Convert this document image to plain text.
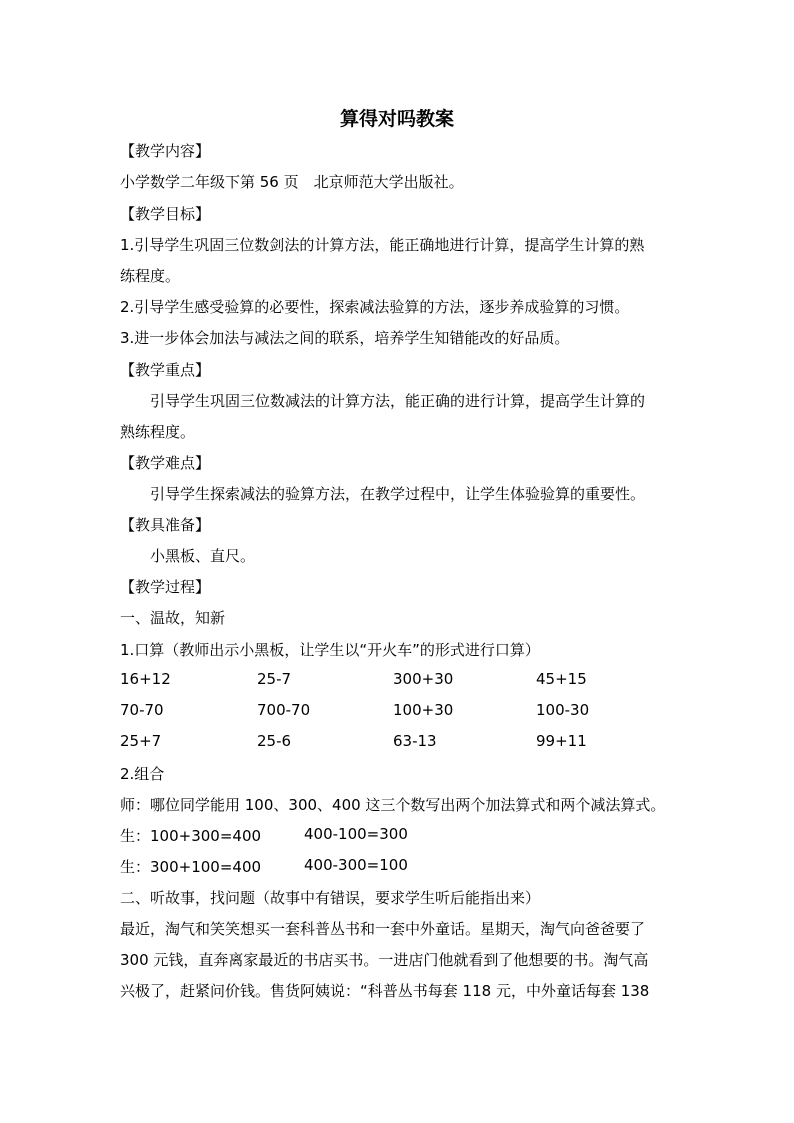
算得对吗教案
【教学内容】
小学数学二年级下第 56 页　北京师范大学出版社。
【教学目标】
1.引导学生巩固三位数剑法的计算方法，能正确地进行计算，提高学生计算的熟
练程度。
2.引导学生感受验算的必要性，探索减法验算的方法，逐步养成验算的习惯。
3.进一步体会加法与减法之间的联系，培养学生知错能改的好品质。
【教学重点】
引导学生巩固三位数减法的计算方法，能正确的进行计算，提高学生计算的
熟练程度。
【教学难点】
引导学生探索减法的验算方法，在教学过程中，让学生体验验算的重要性。
【教具准备】
小黑板、直尺。
【教学过程】
一、温故，知新
1.口算（教师出示小黑板，让学生以“开火车”的形式进行口算）
16+12	25-7	300+30	45+15
70-70	700-70	100+30	100-30
25+7	25-6	63-13	99+11
2.组合
师：哪位同学能用 100、300、400 这三个数写出两个加法算式和两个减法算式。
生：100+300=400	400-100=300
生：300+100=400	400-300=100
二、听故事，找问题（故事中有错误，要求学生听后能指出来）
最近，淘气和笑笑想买一套科普丛书和一套中外童话。星期天，淘气向爸爸要了
300 元钱，直奔离家最近的书店买书。一进店门他就看到了他想要的书。淘气高
兴极了，赶紧问价钱。售货阿姨说：“科普丛书每套 118 元，中外童话每套 138
